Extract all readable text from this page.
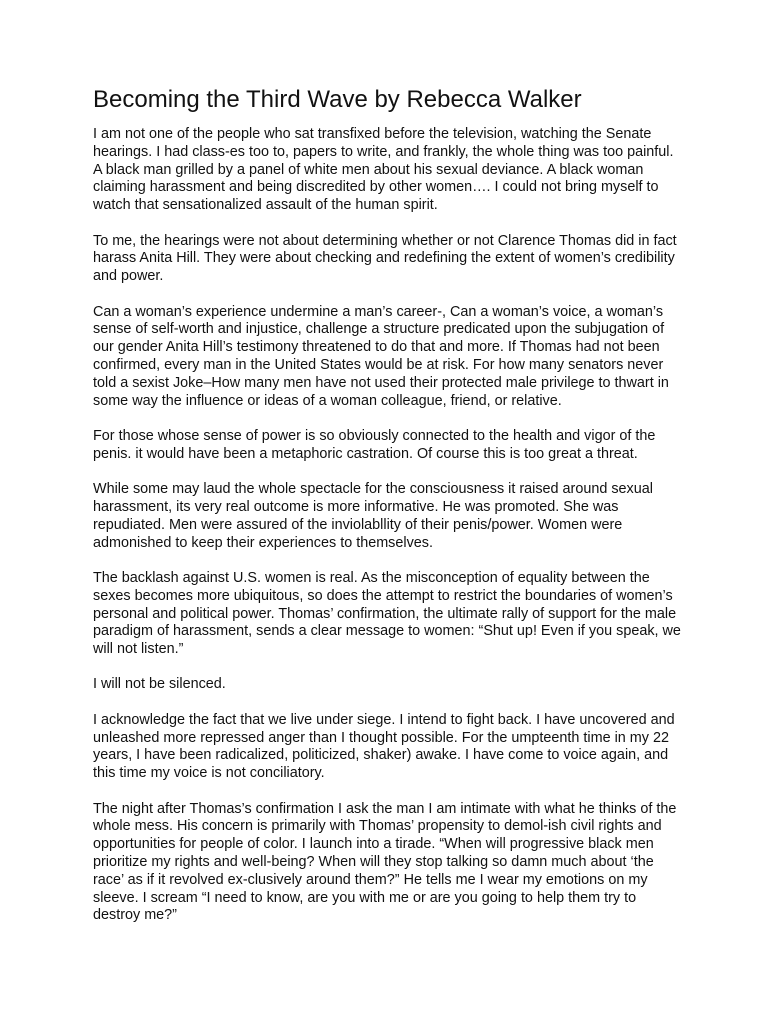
Becoming the Third Wave by Rebecca Walker

I am not one of the people who sat transfixed before the television, watching the Senate
hearings. I had class-es too to, papers to write, and frankly, the whole thing was too painful.
A black man grilled by a panel of white men about his sexual deviance. A black woman
claiming harassment and being discredited by other women…. I could not bring myself to
watch that sensationalized assault of the human spirit.

To me, the hearings were not about determining whether or not Clarence Thomas did in fact
harass Anita Hill. They were about checking and redefining the extent of women’s credibility
and power.

Can a woman’s experience undermine a man’s career-, Can a woman’s voice, a woman’s
sense of self-worth and injustice, challenge a structure predicated upon the subjugation of
our gender Anita Hill’s testimony threatened to do that and more. If Thomas had not been
confirmed, every man in the United States would be at risk. For how many senators never
told a sexist Joke–How many men have not used their protected male privilege to thwart in
some way the influence or ideas of a woman colleague, friend, or relative.

For those whose sense of power is so obviously connected to the health and vigor of the
penis. it would have been a metaphoric castration. Of course this is too great a threat.

While some may laud the whole spectacle for the consciousness it raised around sexual
harassment, its very real outcome is more informative. He was promoted. She was
repudiated. Men were assured of the inviolabllity of their penis/power. Women were
admonished to keep their experiences to themselves.

The backlash against U.S. women is real. As the misconception of equality between the
sexes becomes more ubiquitous, so does the attempt to restrict the boundaries of women’s
personal and political power. Thomas’ confirmation, the ultimate rally of support for the male
paradigm of harassment, sends a clear message to women: “Shut up! Even if you speak, we
will not listen.”

I will not be silenced.

I acknowledge the fact that we live under siege. I intend to fight back. I have uncovered and
unleashed more repressed anger than I thought possible. For the umpteenth time in my 22
years, I have been radicalized, politicized, shaker) awake. I have come to voice again, and
this time my voice is not conciliatory.

The night after Thomas’s confirmation I ask the man I am intimate with what he thinks of the
whole mess. His concern is primarily with Thomas’ propensity to demol-ish civil rights and
opportunities for people of color. I launch into a tirade. “When will progressive black men
prioritize my rights and well-being? When will they stop talking so damn much about ‘the
race’ as if it revolved ex-clusively around them?” He tells me I wear my emotions on my
sleeve. I scream “I need to know, are you with me or are you going to help them try to
destroy me?”
